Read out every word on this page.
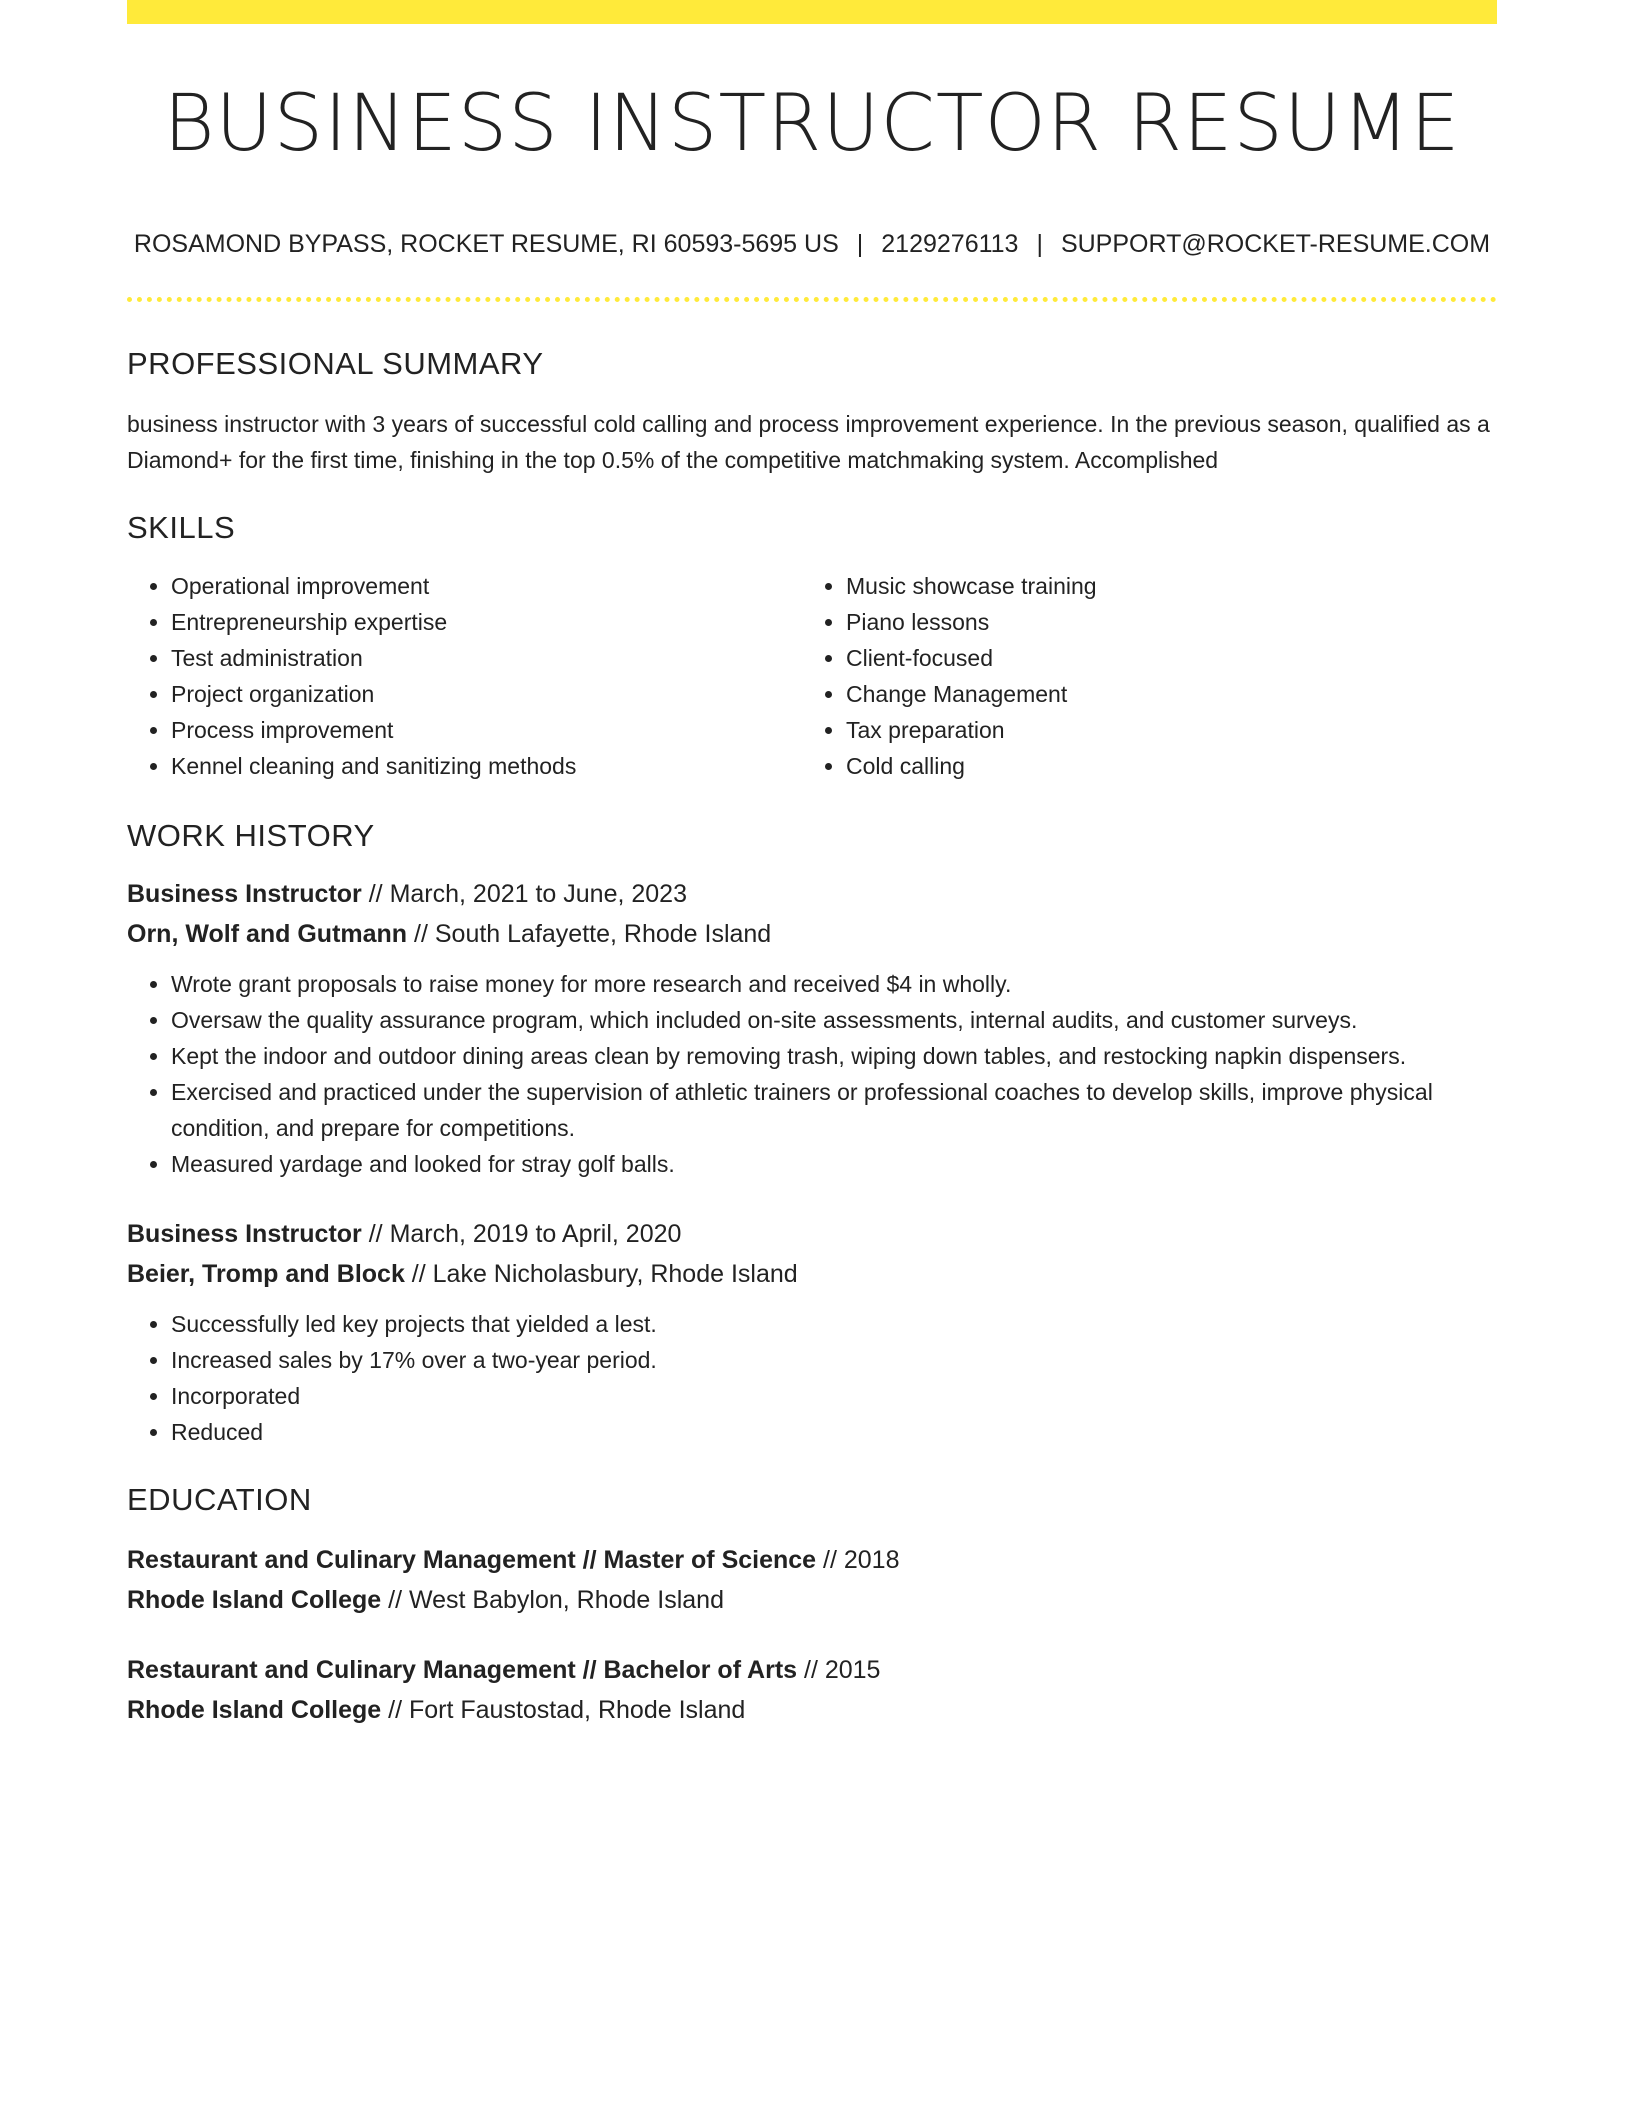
BUSINESS INSTRUCTOR RESUME
ROSAMOND BYPASS, ROCKET RESUME, RI 60593-5695 US | 2129276113 | SUPPORT@ROCKET-RESUME.COM
PROFESSIONAL SUMMARY
business instructor with 3 years of successful cold calling and process improvement experience. In the previous season, qualified as a Diamond+ for the first time, finishing in the top 0.5% of the competitive matchmaking system. Accomplished
SKILLS
• Operational improvement
• Entrepreneurship expertise
• Test administration
• Project organization
• Process improvement
• Kennel cleaning and sanitizing methods
• Music showcase training
• Piano lessons
• Client-focused
• Change Management
• Tax preparation
• Cold calling
WORK HISTORY
Business Instructor // March, 2021 to June, 2023
Orn, Wolf and Gutmann // South Lafayette, Rhode Island
• Wrote grant proposals to raise money for more research and received $4 in wholly.
• Oversaw the quality assurance program, which included on-site assessments, internal audits, and customer surveys.
• Kept the indoor and outdoor dining areas clean by removing trash, wiping down tables, and restocking napkin dispensers.
• Exercised and practiced under the supervision of athletic trainers or professional coaches to develop skills, improve physical condition, and prepare for competitions.
• Measured yardage and looked for stray golf balls.
Business Instructor // March, 2019 to April, 2020
Beier, Tromp and Block // Lake Nicholasbury, Rhode Island
• Successfully led key projects that yielded a lest.
• Increased sales by 17% over a two-year period.
• Incorporated
• Reduced
EDUCATION
Restaurant and Culinary Management // Master of Science // 2018
Rhode Island College // West Babylon, Rhode Island
Restaurant and Culinary Management // Bachelor of Arts // 2015
Rhode Island College // Fort Faustostad, Rhode Island
